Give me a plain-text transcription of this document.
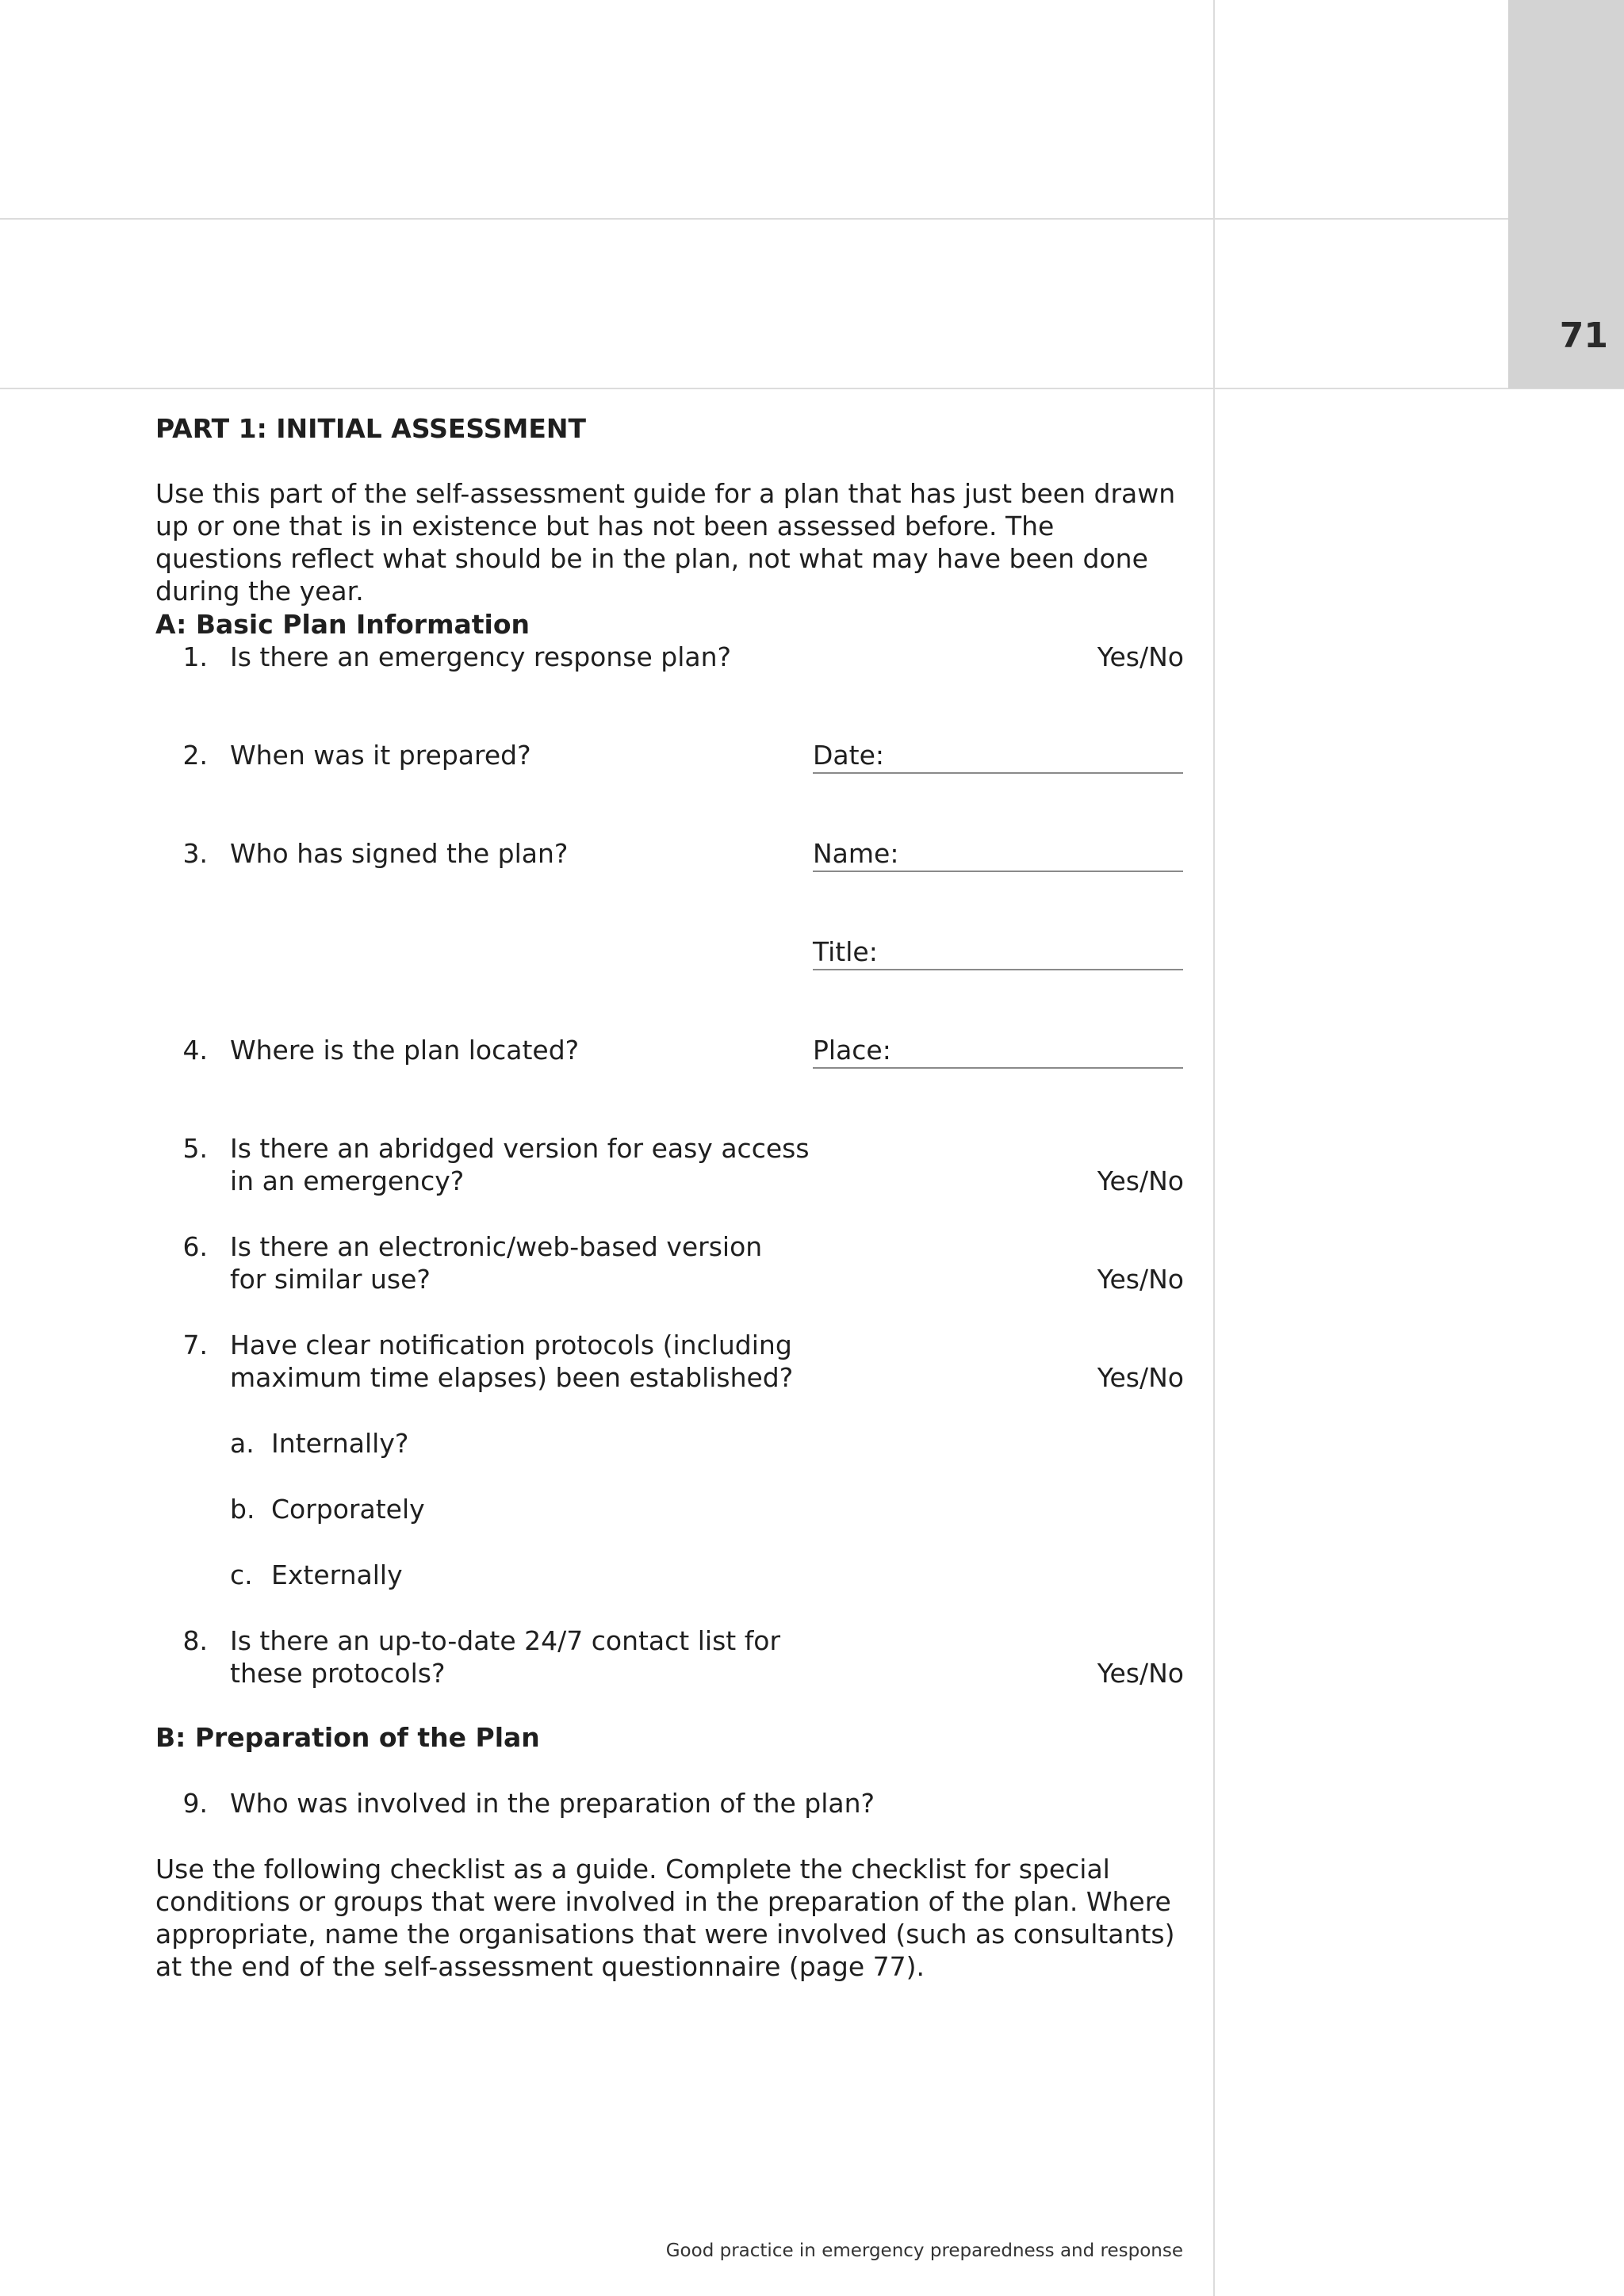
71

PART 1: INITIAL ASSESSMENT

Use this part of the self-assessment guide for a plan that has just been drawn up or one that is in existence but has not been assessed before. The questions reflect what should be in the plan, not what may have been done during the year.

A: Basic Plan Information

1. Is there an emergency response plan?	Yes/No

2. When was it prepared?	Date:

3. Who has signed the plan?	Name:
Title:

4. Where is the plan located?	Place:

5. Is there an abridged version for easy access

in an emergency?	Yes/No

6. Is there an electronic/web-based version

for similar use?	Yes/No

7. Have clear notification protocols (including

maximum time elapses) been established?	Yes/No

a. Internally?

b. Corporately

c. Externally

8. Is there an up-to-date 24/7 contact list for

these protocols?	Yes/No

B: Preparation of the Plan

9. Who was involved in the preparation of the plan?

Use the following checklist as a guide. Complete the checklist for special conditions or groups that were involved in the preparation of the plan. Where appropriate, name the organisations that were involved (such as consultants) at the end of the self-assessment questionnaire (page 77).

Good practice in emergency preparedness and response
